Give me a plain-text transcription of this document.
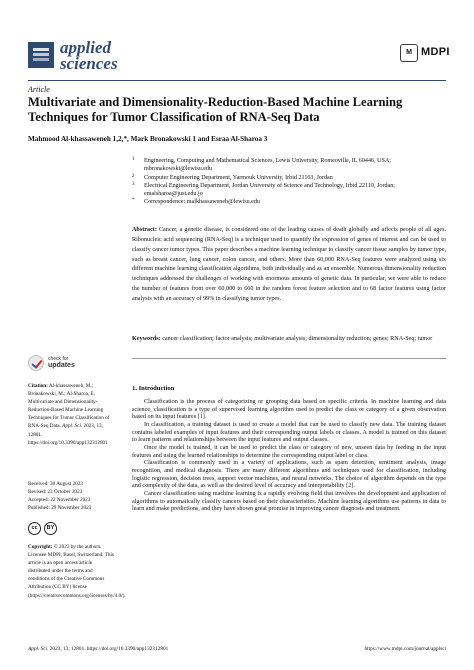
applied
sciences
M MDPI
Article
Multivariate and Dimensionality-Reduction-Based Machine Learning Techniques for Tumor Classification of RNA-Seq Data
Mahmood Al-khassaweneh 1,2,*, Mark Bronakowski 1 and Esraa Al-Sharoa 3
1	Engineering, Computing and Mathematical Sciences, Lewis University, Romeoville, IL 60446, USA; mbronakowski@lewisu.edu
2	Computer Engineering Department, Yarmouk University, Irbid 21163, Jordan
3	Electrical Engineering Department, Jordan University of Science and Technology, Irbid 22110, Jordan; emalsharoa@just.edu.jo
*	Correspondence: malkhassaweneh@lewisu.edu
Abstract: Cancer, a genetic disease, is considered one of the leading causes of death globally and affects people of all ages. Ribonucleic acid sequencing (RNA-Seq) is a technique used to quantify the expression of genes of interest and can be used to classify cancer tumor types. This paper describes a machine learning technique to classify cancer tissue samples by tumor type, such as breast cancer, lung cancer, colon cancer, and others. More than 60,000 RNA-Seq features were analyzed using six different machine learning classification algorithms, both individually and as an ensemble. Numerous dimensionality reduction techniques addressed the challenges of working with enormous amounts of genetic data. In particular, we were able to reduce the number of features from over 60,000 to 660 in the random forest feature selection and to 68 factor features using factor analysis with an accuracy of 99% in classifying tumor types.
Keywords: cancer classification; factor analysis; multivariate analysis; dimensionality reduction; genes; RNA-Seq; tumor
check for
updates

Citation: Al-khassaweneh, M.; Bronakowski, M.; Al-Sharoa, E. Multivariate and Dimensionality-Reduction-Based Machine Learning Techniques for Tumor Classification of RNA-Seq Data. Appl. Sci. 2023, 13, 12801. https://doi.org/10.3390/app132312801

Received: 30 August 2023
Revised: 23 October 2023
Accepted: 22 November 2023
Published: 29 November 2023
cc	BY
Copyright: © 2023 by the authors. Licensee MDPI, Basel, Switzerland. This article is an open access article distributed under the terms and conditions of the Creative Commons Attribution (CC BY) license (https://creativecommons.org/licenses/by/4.0/).
1. Introduction

Classification is the process of categorizing or grouping data based on specific criteria. In machine learning and data science, classification is a type of supervised learning algorithm used to predict the class or category of a given observation based on its input features [1].

In classification, a training dataset is used to create a model that can be used to classify new data. The training dataset contains labeled examples of input features and their corresponding output labels or classes. A model is trained on this dataset to learn patterns and relationships between the input features and output classes.

Once the model is trained, it can be used to predict the class or category of new, unseen data by feeding in the input features and using the learned relationships to determine the corresponding output label or class.

Classification is commonly used in a variety of applications, such as spam detection, sentiment analysis, image recognition, and medical diagnosis. There are many different algorithms and techniques used for classification, including logistic regression, decision trees, support vector machines, and neural networks. The choice of algorithm depends on the type and complexity of the data, as well as the desired level of accuracy and interpretability [2].

Cancer classification using machine learning is a rapidly evolving field that involves the development and application of algorithms to automatically classify cancers based on their characteristics. Machine learning algorithms use patterns in data to learn and make predictions, and they have shown great promise in improving cancer diagnosis and treatment.

Appl. Sci. 2023, 13, 12801. https://doi.org/10.3390/app132312801	https://www.mdpi.com/journal/applsci
